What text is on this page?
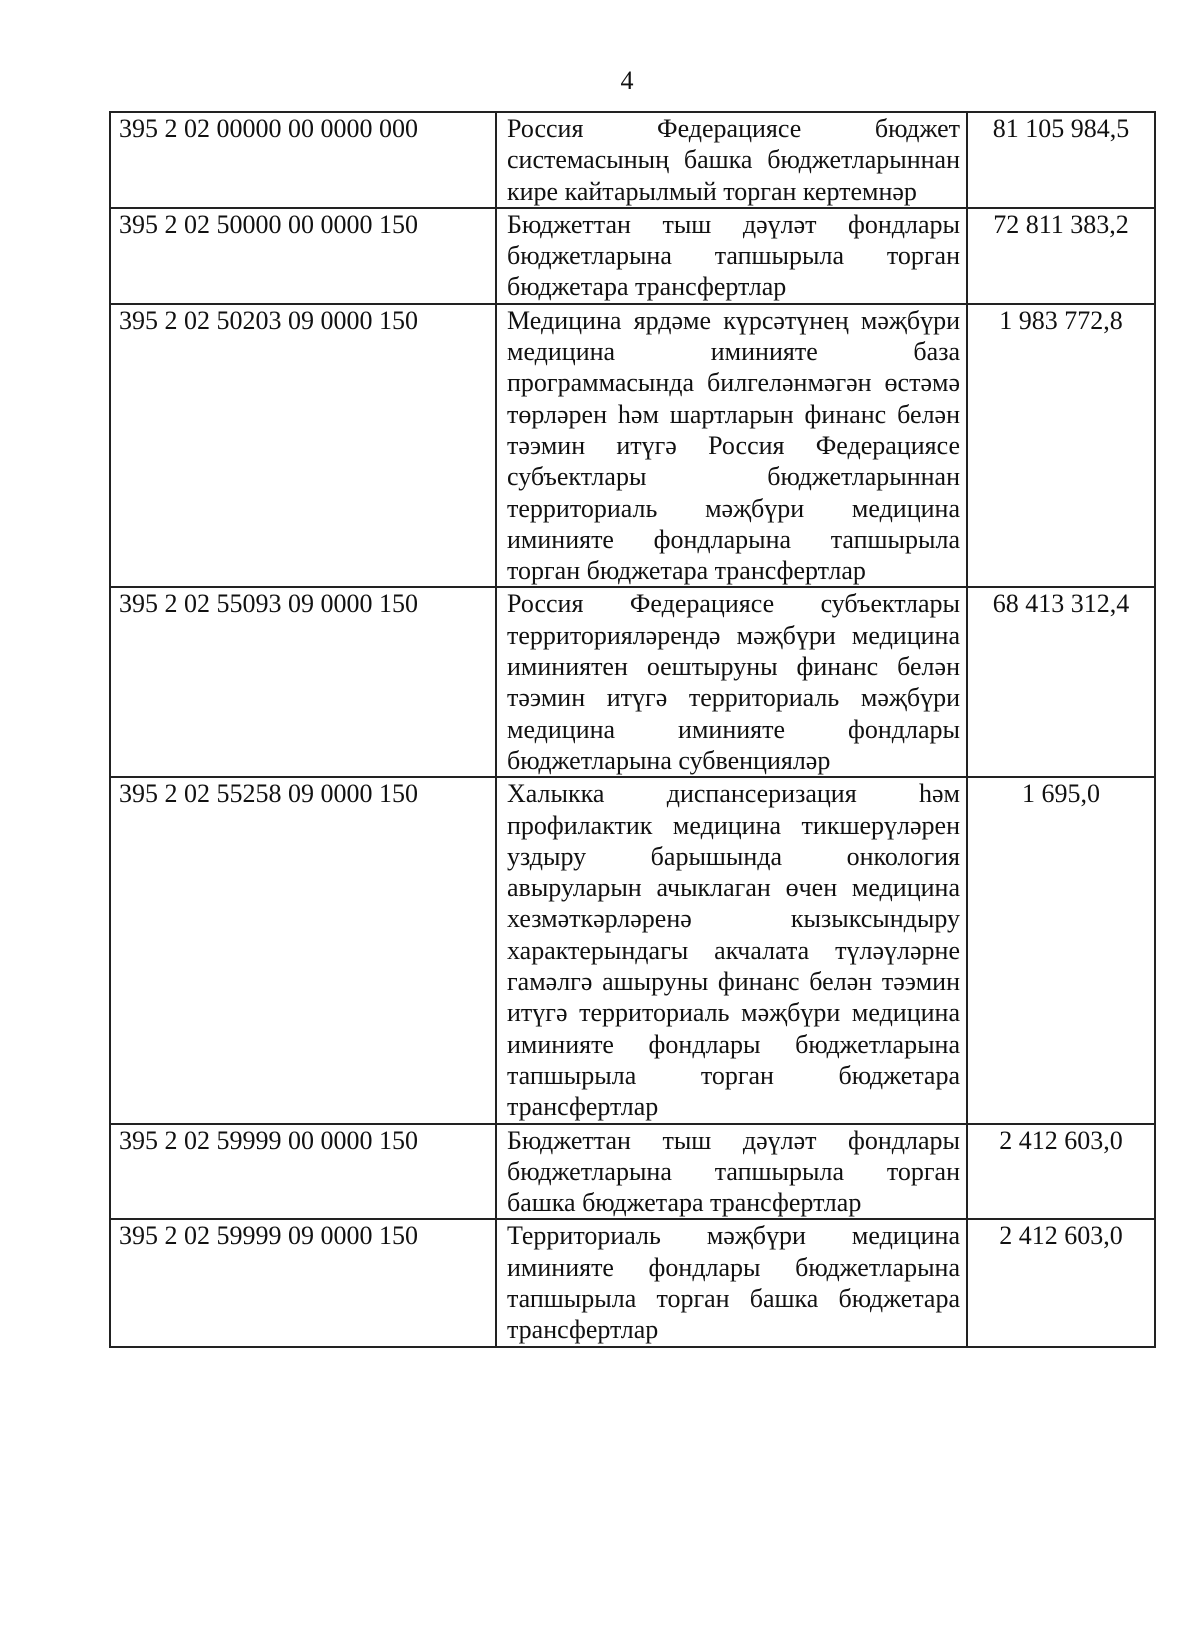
4
395 2 02 00000 00 0000 000	Россия Федерациясе бюджет системасының башка бюджетларыннан кире кайтарылмый торган кертемнәр	81 105 984,5
395 2 02 50000 00 0000 150	Бюджеттан тыш дәүләт фондлары бюджетларына тапшырыла торган бюджетара трансфертлар	72 811 383,2
395 2 02 50203 09 0000 150	Медицина ярдәме күрсәтүнең мәҗбүри медицина иминияте база программасында билгеләнмәгән өстәмә төрләрен һәм шартларын финанс белән тәэмин итүгә Россия Федерациясе субъектлары бюджетларыннан территориаль мәҗбүри медицина иминияте фондларына тапшырыла торган бюджетара трансфертлар	1 983 772,8
395 2 02 55093 09 0000 150	Россия Федерациясе субъектлары территорияләрендә мәҗбүри медицина иминиятен оештыруны финанс белән тәэмин итүгә территориаль мәҗбүри медицина иминияте фондлары бюджетларына субвенцияләр	68 413 312,4
395 2 02 55258 09 0000 150	Халыкка диспансеризация һәм профилактик медицина тикшерүләрен уздыру барышында онкология авыруларын ачыклаган өчен медицина хезмәткәрләренә кызыксындыру характерындагы акчалата түләүләрне гамәлгә ашыруны финанс белән тәэмин итүгә территориаль мәҗбүри медицина иминияте фондлары бюджетларына тапшырыла торган бюджетара трансфертлар	1 695,0
395 2 02 59999 00 0000 150	Бюджеттан тыш дәүләт фондлары бюджетларына тапшырыла торган башка бюджетара трансфертлар	2 412 603,0
395 2 02 59999 09 0000 150	Территориаль мәҗбүри медицина иминияте фондлары бюджетларына тапшырыла торган башка бюджетара трансфертлар	2 412 603,0
